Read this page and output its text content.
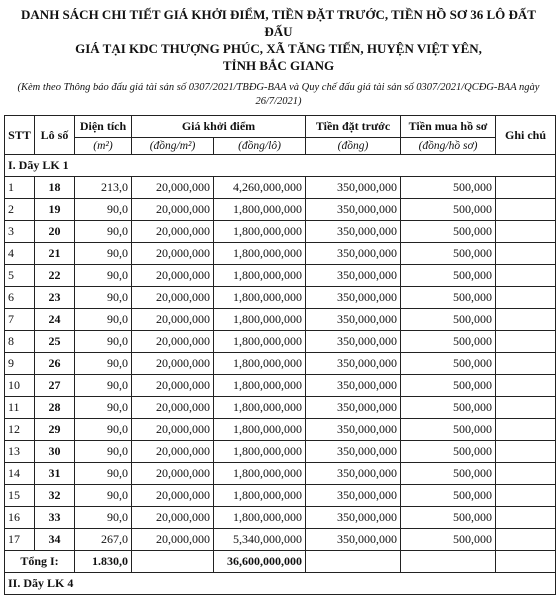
DANH SÁCH CHI TIẾT GIÁ KHỞI ĐIỂM, TIỀN ĐẶT TRƯỚC, TIỀN HỒ SƠ 36 LÔ ĐẤT ĐẤU
GIÁ TẠI KDC THƯỢNG PHÚC, XÃ TĂNG TIẾN, HUYỆN VIỆT YÊN,
TỈNH BẮC GIANG
(Kèm theo Thông báo đấu giá tài sản số 0307/2021/TBĐG-BAA và Quy chế đấu giá tài sản số 0307/2021/QCĐG-BAA ngày 26/7/2021)
STT	Lô số	Diện tích	Giá khởi điểm		Tiền đặt trước	Tiền mua hồ sơ	Ghi chú
		(m²)	(đồng/m²)	(đồng/lô)	(đồng)	(đồng/hồ sơ)	
I. Dãy LK 1							
1	18	213,0	20,000,000	4,260,000,000	350,000,000	500,000	
2	19	90,0	20,000,000	1,800,000,000	350,000,000	500,000	
3	20	90,0	20,000,000	1,800,000,000	350,000,000	500,000	
4	21	90,0	20,000,000	1,800,000,000	350,000,000	500,000	
5	22	90,0	20,000,000	1,800,000,000	350,000,000	500,000	
6	23	90,0	20,000,000	1,800,000,000	350,000,000	500,000	
7	24	90,0	20,000,000	1,800,000,000	350,000,000	500,000	
8	25	90,0	20,000,000	1,800,000,000	350,000,000	500,000	
9	26	90,0	20,000,000	1,800,000,000	350,000,000	500,000	
10	27	90,0	20,000,000	1,800,000,000	350,000,000	500,000	
11	28	90,0	20,000,000	1,800,000,000	350,000,000	500,000	
12	29	90,0	20,000,000	1,800,000,000	350,000,000	500,000	
13	30	90,0	20,000,000	1,800,000,000	350,000,000	500,000	
14	31	90,0	20,000,000	1,800,000,000	350,000,000	500,000	
15	32	90,0	20,000,000	1,800,000,000	350,000,000	500,000	
16	33	90,0	20,000,000	1,800,000,000	350,000,000	500,000	
17	34	267,0	20,000,000	5,340,000,000	350,000,000	500,000	
Tổng I:		1.830,0		36,600,000,000			
II. Dãy LK 4							
